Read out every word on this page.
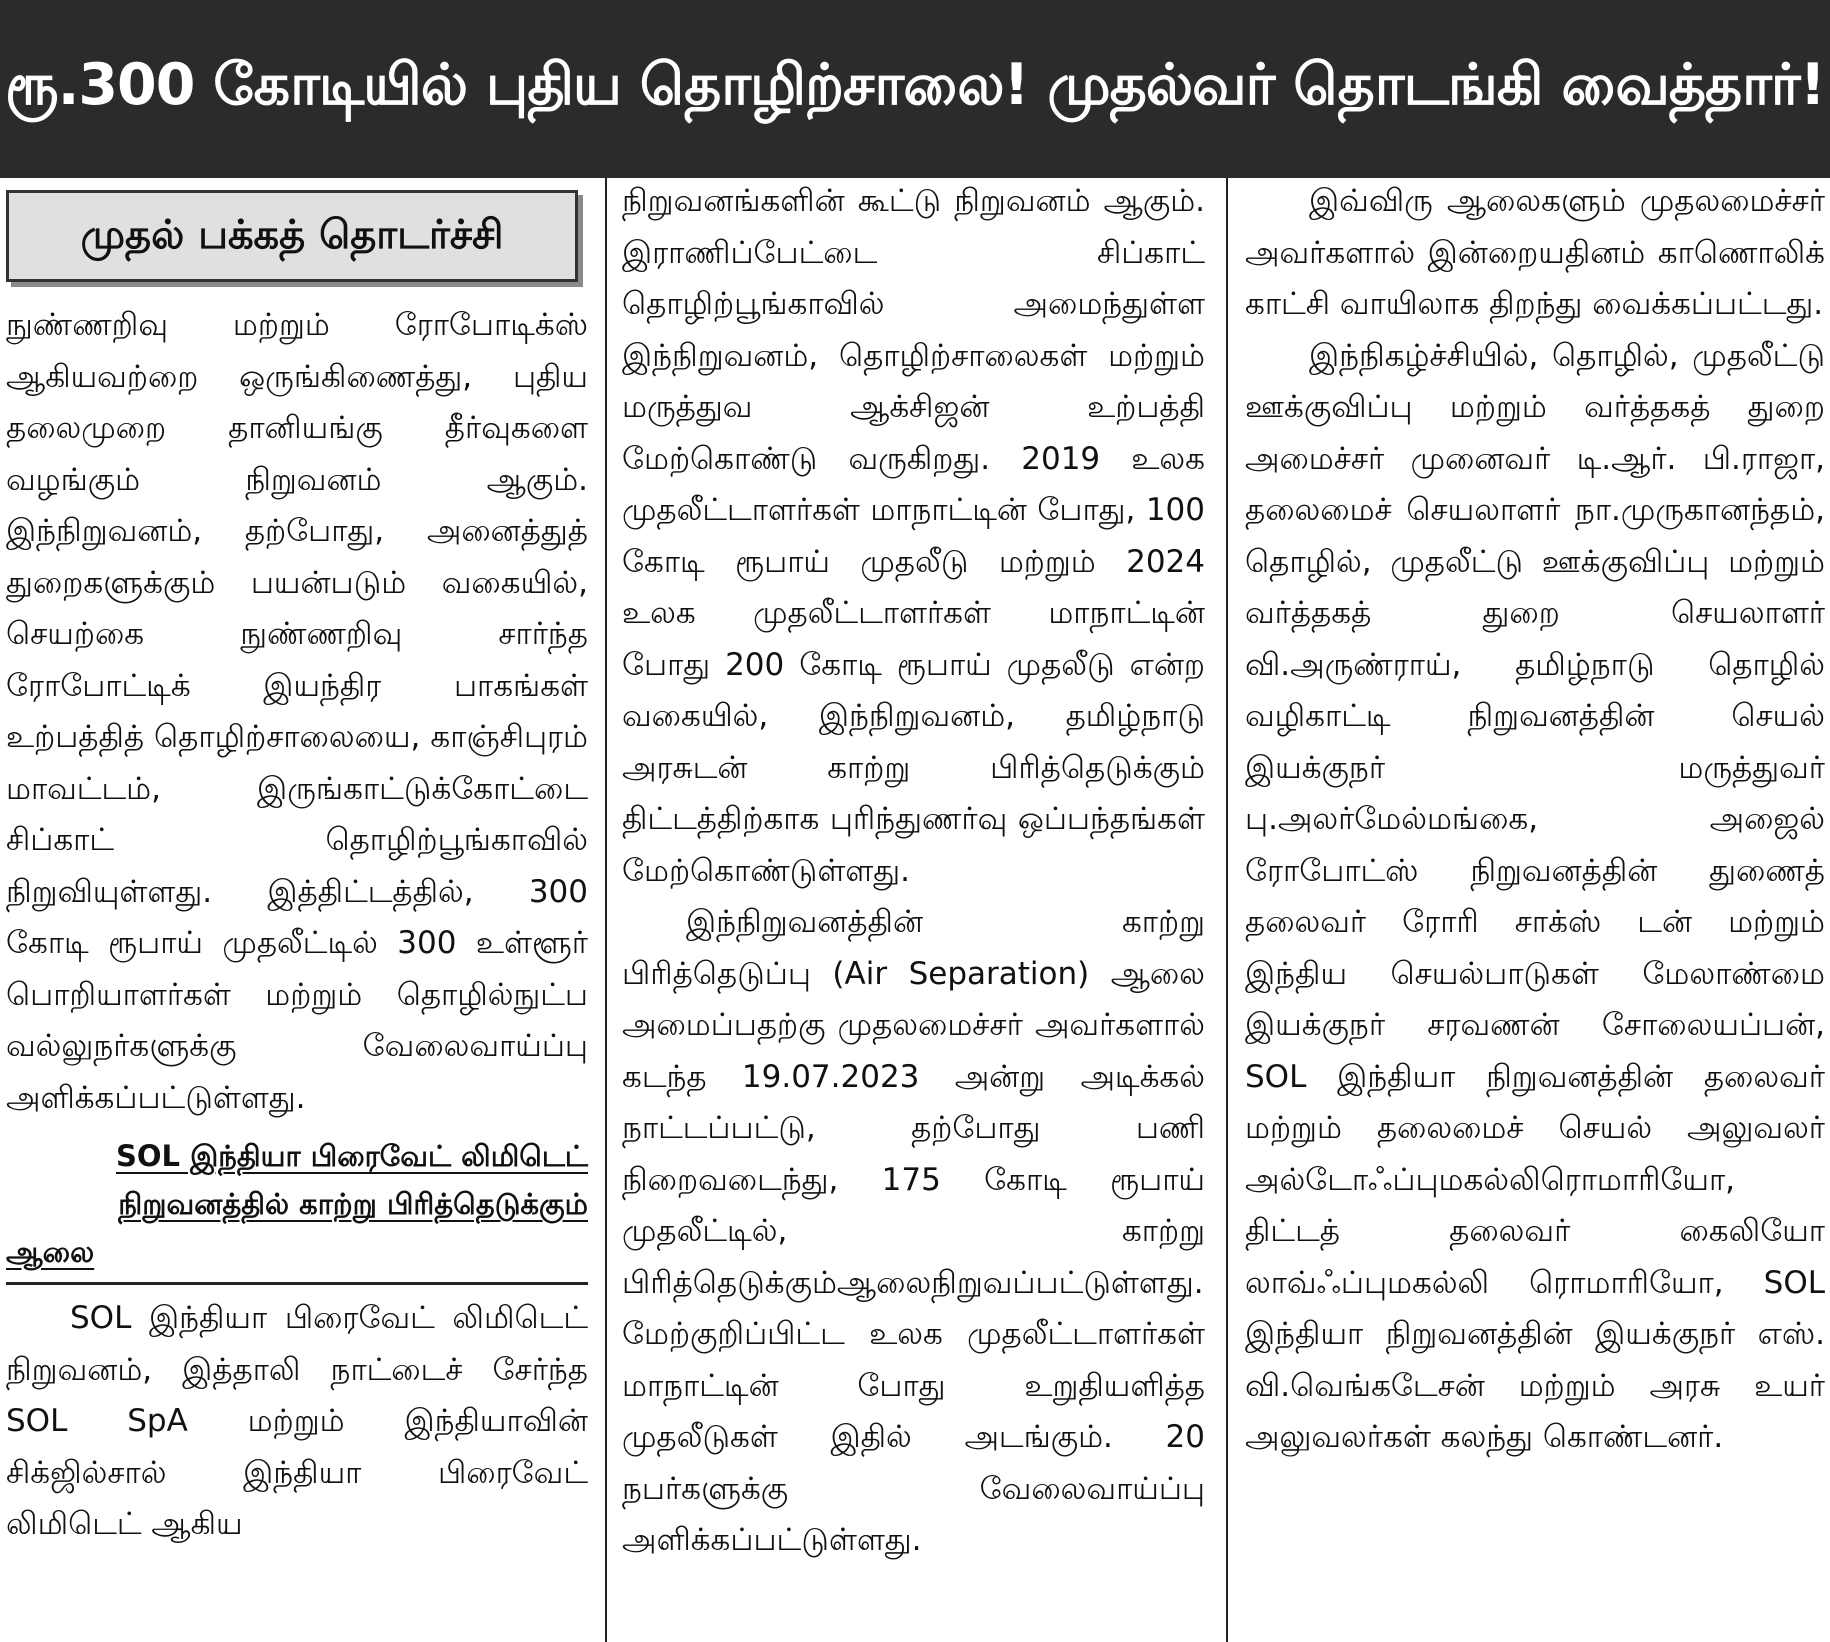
ரூ.300 கோடியில் புதிய தொழிற்சாலை! முதல்வர் தொடங்கி வைத்தார்!
முதல் பக்கத் தொடர்ச்சி

நுண்ணறிவு மற்றும் ரோபோடிக்ஸ் ஆகியவற்றை ஒருங்கிணைத்து, புதிய தலைமுறை தானியங்கு தீர்வுகளை வழங்கும் நிறுவனம் ஆகும். இந்நிறுவனம், தற்போது, அனைத்துத் துறைகளுக்கும் பயன்படும் வகையில், செயற்கை நுண்ணறிவு சார்ந்த ரோபோட்டிக் இயந்திர பாகங்கள் உற்பத்தித் தொழிற்சாலையை, காஞ்சிபுரம் மாவட்டம், இருங்காட்டுக்கோட்டை சிப்காட் தொழிற்பூங்காவில் நிறுவியுள்ளது. இத்திட்டத்தில், 300 கோடி ரூபாய் முதலீட்டில் 300 உள்ளூர் பொறியாளர்கள் மற்றும் தொழில்நுட்ப வல்லுநர்களுக்கு வேலைவாய்ப்பு அளிக்கப்பட்டுள்ளது.

SOL இந்தியா பிரைவேட் லிமிடெட்
நிறுவனத்தில் காற்று பிரித்தெடுக்கும்
ஆலை

SOL இந்தியா பிரைவேட் லிமிடெட் நிறுவனம், இத்தாலி நாட்டைச் சேர்ந்த SOL SpA மற்றும் இந்தியாவின் சிக்ஜில்சால் இந்தியா பிரைவேட் லிமிடெட் ஆகிய

நிறுவனங்களின் கூட்டு நிறுவனம் ஆகும். இராணிப்பேட்டை சிப்காட் தொழிற்பூங்காவில் அமைந்துள்ள இந்நிறுவனம், தொழிற்சாலைகள் மற்றும் மருத்துவ ஆக்சிஜன் உற்பத்தி மேற்கொண்டு வருகிறது. 2019 உலக முதலீட்டாளர்கள் மாநாட்டின் போது, 100 கோடி ரூபாய் முதலீடு மற்றும் 2024 உலக முதலீட்டாளர்கள் மாநாட்டின் போது 200 கோடி ரூபாய் முதலீடு என்ற வகையில், இந்நிறுவனம், தமிழ்நாடு அரசுடன் காற்று பிரித்தெடுக்கும் திட்டத்திற்காக புரிந்துணர்வு ஒப்பந்தங்கள் மேற்கொண்டுள்ளது.

இந்நிறுவனத்தின் காற்று பிரித்தெடுப்பு (Air Separation) ஆலை அமைப்பதற்கு முதலமைச்சர் அவர்களால் கடந்த 19.07.2023 அன்று அடிக்கல் நாட்டப்பட்டு, தற்போது பணி நிறைவடைந்து, 175 கோடி ரூபாய் முதலீட்டில், காற்று பிரித்தெடுக்கும்ஆலைநிறுவப்பட்டுள்ளது. மேற்குறிப்பிட்ட உலக முதலீட்டாளர்கள் மாநாட்டின் போது உறுதியளித்த முதலீடுகள் இதில் அடங்கும். 20 நபர்களுக்கு வேலைவாய்ப்பு அளிக்கப்பட்டுள்ளது.

இவ்விரு ஆலைகளும் முதலமைச்சர் அவர்களால் இன்றையதினம் காணொலிக் காட்சி வாயிலாக திறந்து வைக்கப்பட்டது.

இந்நிகழ்ச்சியில், தொழில், முதலீட்டு ஊக்குவிப்பு மற்றும் வர்த்தகத் துறை அமைச்சர் முனைவர் டி.ஆர். பி.ராஜா, தலைமைச் செயலாளர் நா.முருகானந்தம், தொழில், முதலீட்டு ஊக்குவிப்பு மற்றும் வர்த்தகத் துறை செயலாளர் வி.அருண்ராய், தமிழ்நாடு தொழில் வழிகாட்டி நிறுவனத்தின் செயல் இயக்குநர் மருத்துவர் பு.அலர்மேல்மங்கை, அஜைல் ரோபோட்ஸ் நிறுவனத்தின் துணைத் தலைவர் ரோரி சாக்ஸ் டன் மற்றும் இந்திய செயல்பாடுகள் மேலாண்மை இயக்குநர் சரவணன் சோலையப்பன், SOL இந்தியா நிறுவனத்தின் தலைவர் மற்றும் தலைமைச் செயல் அலுவலர் அல்டோஃப்புமகல்லிரொமாரியோ, திட்டத் தலைவர் கைலியோ லாவ்ஃப்புமகல்லி ரொமாரியோ, SOL இந்தியா நிறுவனத்தின் இயக்குநர் எஸ். வி.வெங்கடேசன் மற்றும் அரசு உயர் அலுவலர்கள் கலந்து கொண்டனர்.
